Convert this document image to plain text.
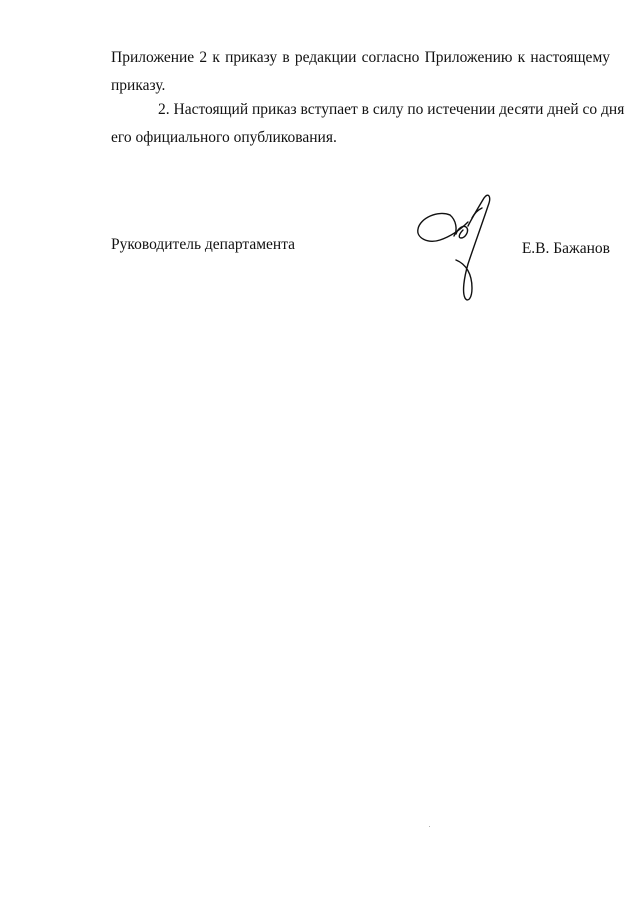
Приложение 2 к приказу в редакции согласно Приложению к настоящему
приказу.

2. Настоящий приказ вступает в силу по истечении десяти дней со дня
его официального опубликования.

Руководитель департамента	Е.В. Бажанов
